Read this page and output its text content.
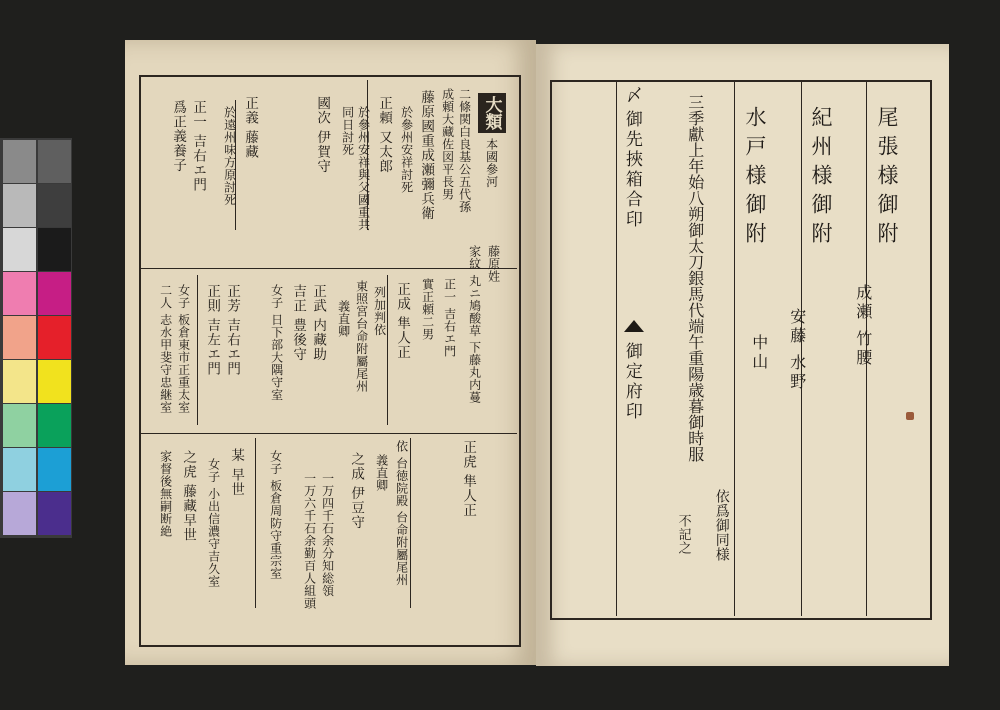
大類
本國參河
二條関白良基公五代孫
成頼大藏佐図平長男
藤原國重成瀬彌兵衛
於參州安祥討死
正頼 又太郎
於參州安祥與父國重共
同日討死
國次 伊賀守
正義 藤藏
於遠州味方原討死
正一 吉右エ門
爲正義養子
藤原姓
家紋 丸ニ鳩酸草 下藤丸内蔓
正一 吉右エ門
實正頼二男
正成 隼人正
列加判依
東照宮台命附屬尾州
義直卿
正武 内藏助
吉正 豊後守
女子 日下部大隅守室
正芳 吉右エ門
正則 吉左エ門
女子 板倉東市正重太室
二人 志水甲斐守忠継室
正虎 隼人正
依 台徳院殿 台命附屬尾州
義直卿
之成 伊豆守
一万四千石余分知総領
一万六千石余勤百人組頭
女子 板倉周防守重宗室
某 早世
女子 小出信濃守吉久室
之虎 藤藏早世
家督後無嗣断絶
尾張様御附
成瀬 竹腰
紀州様御附
安藤 水野
水戸様御附
中山
三季獻上年始八朔御太刀銀馬代端午重陽歳暮御時服
依爲御同様
不記之
〆
御先挾箱合印
御定府印
